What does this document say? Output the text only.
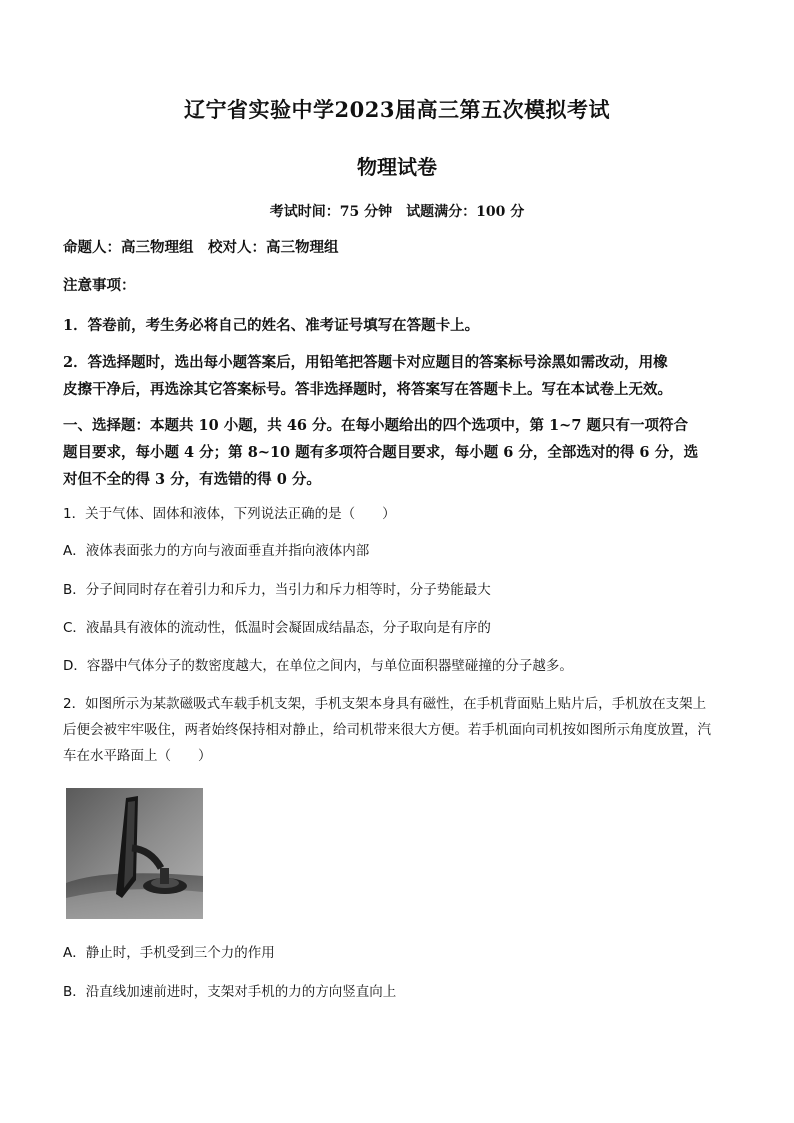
辽宁省实验中学2023届高三第五次模拟考试
物理试卷
考试时间：75 分钟　试题满分：100 分
命题人：高三物理组　校对人：高三物理组
注意事项：
1．答卷前，考生务必将自己的姓名、准考证号填写在答题卡上。
2．答选择题时，选出每小题答案后，用铅笔把答题卡对应题目的答案标号涂黑如需改动，用橡
皮擦干净后，再选涂其它答案标号。答非选择题时，将答案写在答题卡上。写在本试卷上无效。
一、选择题：本题共 10 小题，共 46 分。在每小题给出的四个选项中，第 1~7 题只有一项符合
题目要求，每小题 4 分；第 8~10 题有多项符合题目要求，每小题 6 分，全部选对的得 6 分，选
对但不全的得 3 分，有选错的得 0 分。
1．关于气体、固体和液体，下列说法正确的是（　　）
A．液体表面张力的方向与液面垂直并指向液体内部
B．分子间同时存在着引力和斥力，当引力和斥力相等时，分子势能最大
C．液晶具有液体的流动性，低温时会凝固成结晶态，分子取向是有序的
D．容器中气体分子的数密度越大，在单位之间内，与单位面积器壁碰撞的分子越多。
2．如图所示为某款磁吸式车载手机支架，手机支架本身具有磁性，在手机背面贴上贴片后，手机放在支架上
后便会被牢牢吸住，两者始终保持相对静止，给司机带来很大方便。若手机面向司机按如图所示角度放置，汽
车在水平路面上（　　）
A．静止时，手机受到三个力的作用
B．沿直线加速前进时，支架对手机的力的方向竖直向上
